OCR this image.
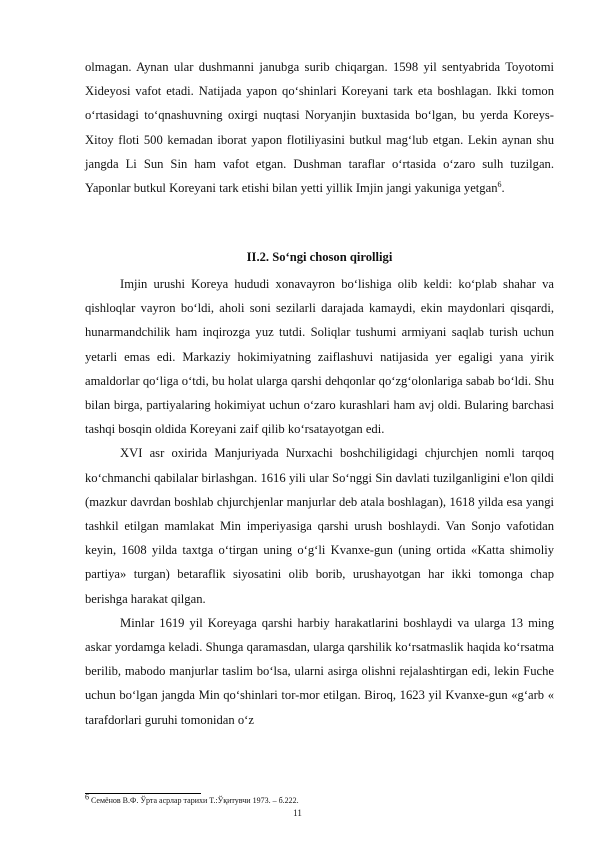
olmagan. Aynan ular dushmanni janubga surib chiqargan. 1598 yil sentyabrida Toyotomi Xideyosi vafot etadi. Natijada yapon qo‘shinlari Koreyani tark eta boshlagan. Ikki tomon o‘rtasidagi to‘qnashuvning oxirgi nuqtasi Noryanjin buxtasida bo‘lgan, bu yerda Koreys-Xitoy floti 500 kemadan iborat yapon flotiliyasini butkul mag‘lub etgan. Lekin aynan shu jangda Li Sun Sin ham vafot etgan. Dushman taraflar o‘rtasida o‘zaro sulh tuzilgan. Yaponlar butkul Koreyani tark etishi bilan yetti yillik Imjin jangi yakuniga yetgan$^6$.

II.2. So‘ngi choson qirolligi

Imjin urushi Koreya hududi xonavayron bo‘lishiga olib keldi: ko‘plab shahar va qishloqlar vayron bo‘ldi, aholi soni sezilarli darajada kamaydi, ekin maydonlari qisqardi, hunarmandchilik ham inqirozga yuz tutdi. Soliqlar tushumi armiyani saqlab turish uchun yetarli emas edi. Markaziy hokimiyatning zaiflashuvi natijasida yer egaligi yana yirik amaldorlar qo‘liga o‘tdi, bu holat ularga qarshi dehqonlar qo‘zg‘olonlariga sabab bo‘ldi. Shu bilan birga, partiyalaring hokimiyat uchun o‘zaro kurashlari ham avj oldi. Bularing barchasi tashqi bosqin oldida Koreyani zaif qilib ko‘rsatayotgan edi.

XVI asr oxirida Manjuriyada Nurxachi boshchiligidagi chjurchjen nomli tarqoq ko‘chmanchi qabilalar birlashgan. 1616 yili ular So‘nggi Sin davlati tuzilganligini e'lon qildi (mazkur davrdan boshlab chjurchjenlar manjurlar deb atala boshlagan), 1618 yilda esa yangi tashkil etilgan mamlakat Min imperiyasiga qarshi urush boshlaydi. Van Sonjo vafotidan keyin, 1608 yilda taxtga o‘tirgan uning o‘g‘li Kvanxe-gun (uning ortida «Katta shimoliy partiya» turgan) betaraflik siyosatini olib borib, urushayotgan har ikki tomonga chap berishga harakat qilgan.

Minlar 1619 yil Koreyaga qarshi harbiy harakatlarini boshlaydi va ularga 13 ming askar yordamga keladi. Shunga qaramasdan, ularga qarshilik ko‘rsatmaslik haqida ko‘rsatma berilib, mabodo manjurlar taslim bo‘lsa, ularni asirga olishni rejalashtirgan edi, lekin Fuche uchun bo‘lgan jangda Min qo‘shinlari tor-mor etilgan. Biroq, 1623 yil Kvanxe-gun «g‘arb « tarafdorlari guruhi tomonidan o‘z

$^6$ Семёнов В.Ф. Ўрта асрлар тарихи Т.:Ўқитувчи 1973. – б.222.

11
